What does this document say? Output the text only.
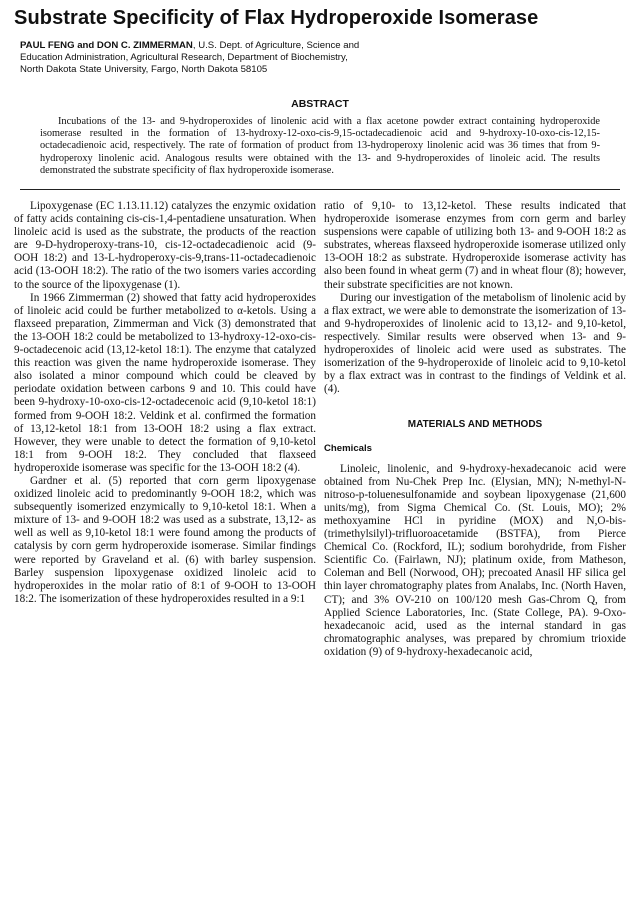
Substrate Specificity of Flax Hydroperoxide Isomerase
PAUL FENG and DON C. ZIMMERMAN, U.S. Dept. of Agriculture, Science and
Education Administration, Agricultural Research, Department of Biochemistry,
North Dakota State University, Fargo, North Dakota 58105
ABSTRACT

Incubations of the 13- and 9-hydroperoxides of linolenic acid with a flax acetone powder extract containing hydroperoxide isomerase resulted in the formation of 13-hydroxy-12-oxo-cis-9,15-octadecadienoic acid and 9-hydroxy-10-oxo-cis-12,15-octadecadienoic acid, respectively. The rate of formation of product from 13-hydroperoxy linolenic acid was 36 times that from 9-hydroperoxy linolenic acid. Analogous results were obtained with the 13- and 9-hydroperoxides of linoleic acid. The results demonstrated the substrate specificity of flax hydroperoxide isomerase.

Lipoxygenase (EC 1.13.11.12) catalyzes the enzymic oxidation of fatty acids containing cis-cis-1,4-pentadiene unsaturation. When linoleic acid is used as the substrate, the products of the reaction are 9-D-hydroperoxy-trans-10, cis-12-octadecadienoic acid (9-OOH 18:2) and 13-L-hydroperoxy-cis-9,trans-11-octadecadienoic acid (13-OOH 18:2). The ratio of the two isomers varies according to the source of the lipoxygenase (1).

In 1966 Zimmerman (2) showed that fatty acid hydroperoxides of linoleic acid could be further metabolized to α-ketols. Using a flaxseed preparation, Zimmerman and Vick (3) demonstrated that the 13-OOH 18:2 could be metabolized to 13-hydroxy-12-oxo-cis-9-octadecenoic acid (13,12-ketol 18:1). The enzyme that catalyzed this reaction was given the name hydroperoxide isomerase. They also isolated a minor compound which could be cleaved by periodate oxidation between carbons 9 and 10. This could have been 9-hydroxy-10-oxo-cis-12-octadecenoic acid (9,10-ketol 18:1) formed from 9-OOH 18:2. Veldink et al. confirmed the formation of 13,12-ketol 18:1 from 13-OOH 18:2 using a flax extract. However, they were unable to detect the formation of 9,10-ketol 18:1 from 9-OOH 18:2. They concluded that flaxseed hydroperoxide isomerase was specific for the 13-OOH 18:2 (4).

Gardner et al. (5) reported that corn germ lipoxygenase oxidized linoleic acid to predominantly 9-OOH 18:2, which was subsequently isomerized enzymically to 9,10-ketol 18:1. When a mixture of 13- and 9-OOH 18:2 was used as a substrate, 13,12- as well as well as 9,10-ketol 18:1 were found among the products of catalysis by corn germ hydroperoxide isomerase. Similar findings were reported by Graveland et al. (6) with barley suspension. Barley suspension lipoxygenase oxidized linoleic acid to hydroperoxides in the molar ratio of 8:1 of 9-OOH to 13-OOH 18:2. The isomerization of these hydroperoxides resulted in a 9:1

ratio of 9,10- to 13,12-ketol. These results indicated that hydroperoxide isomerase enzymes from corn germ and barley suspensions were capable of utilizing both 13- and 9-OOH 18:2 as substrates, whereas flaxseed hydroperoxide isomerase utilized only 13-OOH 18:2 as substrate. Hydroperoxide isomerase activity has also been found in wheat germ (7) and in wheat flour (8); however, their substrate specificities are not known.

During our investigation of the metabolism of linolenic acid by a flax extract, we were able to demonstrate the isomerization of 13- and 9-hydroperoxides of linolenic acid to 13,12- and 9,10-ketol, respectively. Similar results were observed when 13- and 9-hydroperoxides of linoleic acid were used as substrates. The isomerization of the 9-hydroperoxide of linoleic acid to 9,10-ketol by a flax extract was in contrast to the findings of Veldink et al. (4).

MATERIALS AND METHODS
Chemicals

Linoleic, linolenic, and 9-hydroxy-hexadecanoic acid were obtained from Nu-Chek Prep Inc. (Elysian, MN); N-methyl-N-nitroso-p-toluenesulfonamide and soybean lipoxygenase (21,600 units/mg), from Sigma Chemical Co. (St. Louis, MO); 2% methoxyamine HCl in pyridine (MOX) and N,O-bis-(trimethylsilyl)-trifluoroacetamide (BSTFA), from Pierce Chemical Co. (Rockford, IL); sodium borohydride, from Fisher Scientific Co. (Fairlawn, NJ); platinum oxide, from Matheson, Coleman and Bell (Norwood, OH); precoated Anasil HF silica gel thin layer chromatography plates from Analabs, Inc. (North Haven, CT); and 3% OV-210 on 100/120 mesh Gas-Chrom Q, from Applied Science Laboratories, Inc. (State College, PA). 9-Oxo-hexadecanoic acid, used as the internal standard in gas chromatographic analyses, was prepared by chromium trioxide oxidation (9) of 9-hydroxy-hexadecanoic acid,
